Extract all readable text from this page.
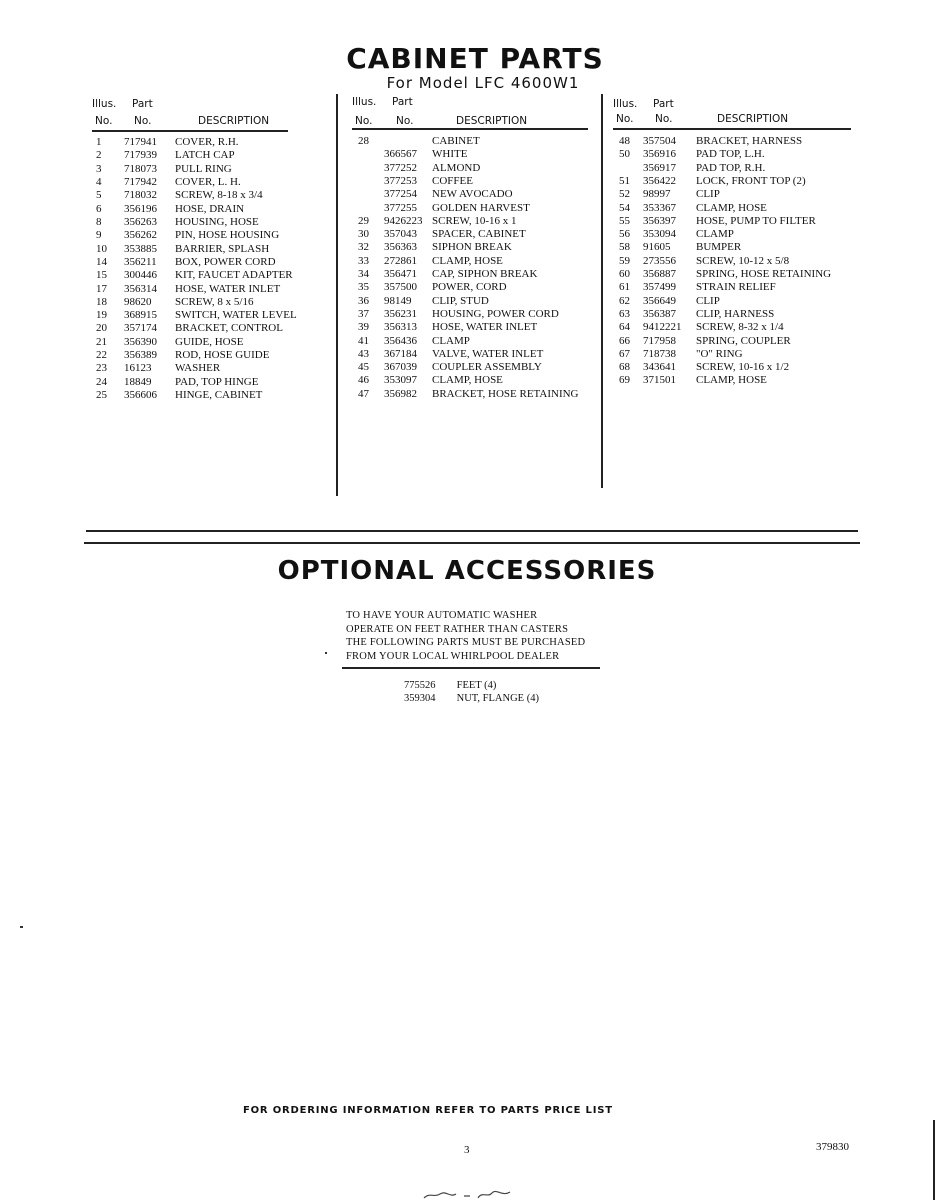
CABINET PARTS
For Model LFC 4600W1
Illus. Part
No. No.	DESCRIPTION
1 717941 COVER, R.H.
2 717939 LATCH CAP
3 718073 PULL RING
4 717942 COVER, L. H.
5 718032 SCREW, 8-18 x 3/4
6 356196 HOSE, DRAIN
8 356263 HOUSING, HOSE
9 356262 PIN, HOSE HOUSING
10 353885 BARRIER, SPLASH
14 356211 BOX, POWER CORD
15 300446 KIT, FAUCET ADAPTER
17 356314 HOSE, WATER INLET
18 98620 SCREW, 8 x 5/16
19 368915 SWITCH, WATER LEVEL
20 357174 BRACKET, CONTROL
21 356390 GUIDE, HOSE
22 356389 ROD, HOSE GUIDE
23 16123 WASHER
24 18849 PAD, TOP HINGE
25 356606 HINGE, CABINET
Illus. Part
No. No.	DESCRIPTION
28	CABINET
366567 WHITE
377252 ALMOND
377253 COFFEE
377254 NEW AVOCADO
377255 GOLDEN HARVEST
29 9426223 SCREW, 10-16 x 1
30 357043 SPACER, CABINET
32 356363 SIPHON BREAK
33 272861 CLAMP, HOSE
34 356471 CAP, SIPHON BREAK
35 357500 POWER, CORD
36 98149 CLIP, STUD
37 356231 HOUSING, POWER CORD
39 356313 HOSE, WATER INLET
41 356436 CLAMP
43 367184 VALVE, WATER INLET
45 367039 COUPLER ASSEMBLY
46 353097 CLAMP, HOSE
47 356982 BRACKET, HOSE RETAINING
Illus. Part
No. No.	DESCRIPTION
48 357504 BRACKET, HARNESS
50 356916 PAD TOP, L.H.
356917 PAD TOP, R.H.
51 356422 LOCK, FRONT TOP (2)
52 98997 CLIP
54 353367 CLAMP, HOSE
55 356397 HOSE, PUMP TO FILTER
56 353094 CLAMP
58 91605 BUMPER
59 273556 SCREW, 10-12 x 5/8
60 356887 SPRING, HOSE RETAINING
61 357499 STRAIN RELIEF
62 356649 CLIP
63 356387 CLIP, HARNESS
64 9412221 SCREW, 8-32 x 1/4
66 717958 SPRING, COUPLER
67 718738 "O" RING
68 343641 SCREW, 10-16 x 1/2
69 371501 CLAMP, HOSE
OPTIONAL ACCESSORIES
TO HAVE YOUR AUTOMATIC WASHER
OPERATE ON FEET RATHER THAN CASTERS
THE FOLLOWING PARTS MUST BE PURCHASED
FROM YOUR LOCAL WHIRLPOOL DEALER
775526 FEET (4)
359304 NUT, FLANGE (4)
FOR ORDERING INFORMATION REFER TO PARTS PRICE LIST
3	379830
